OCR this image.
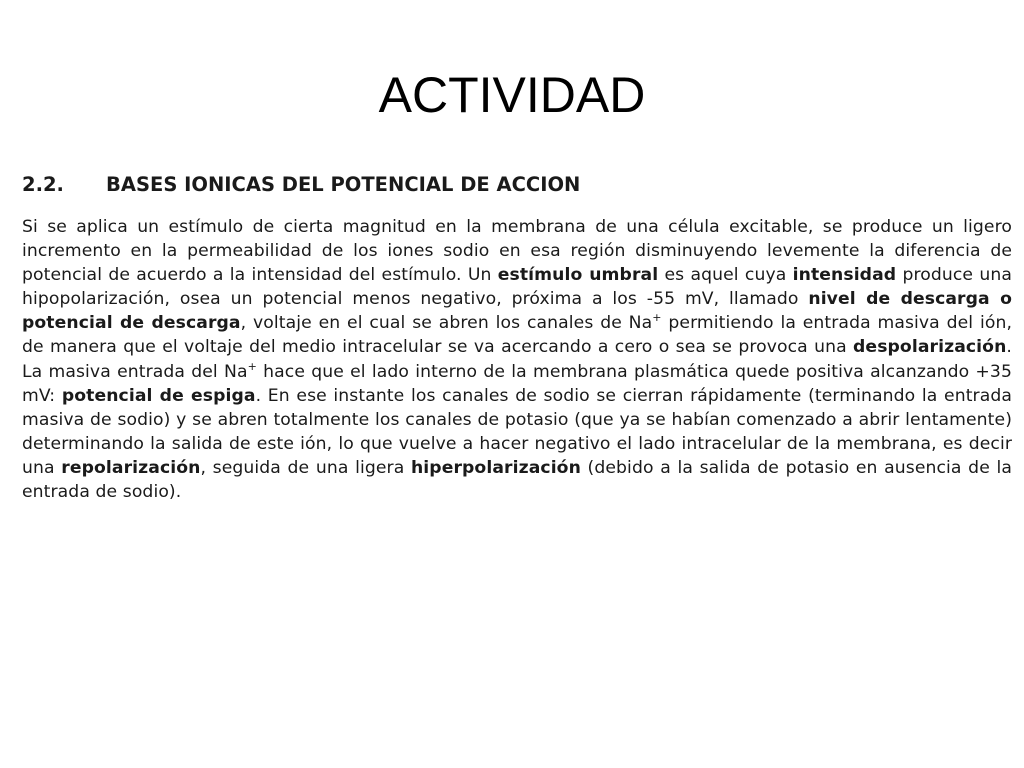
ACTIVIDAD
2.2. BASES IONICAS DEL POTENCIAL DE ACCION

Si se aplica un estímulo de cierta magnitud en la membrana de una célula excitable, se produce un ligero incremento en la permeabilidad de los iones sodio en esa región disminuyendo levemente la diferencia de potencial de acuerdo a la intensidad del estímulo. Un estímulo umbral es aquel cuya intensidad produce una hipopolarización, osea un potencial menos negativo, próxima a los -55 mV, llamado nivel de descarga o potencial de descarga, voltaje en el cual se abren los canales de Na+ permitiendo la entrada masiva del ión, de manera que el voltaje del medio intracelular se va acercando a cero o sea se provoca una despolarización. La masiva entrada del Na+ hace que el lado interno de la membrana plasmática quede positiva alcanzando +35 mV: potencial de espiga. En ese instante los canales de sodio se cierran rápidamente (terminando la entrada masiva de sodio) y se abren totalmente los canales de potasio (que ya se habían comenzado a abrir lentamente) determinando la salida de este ión, lo que vuelve a hacer negativo el lado intracelular de la membrana, es decir una repolarización, seguida de una ligera hiperpolarización (debido a la salida de potasio en ausencia de la entrada de sodio).
